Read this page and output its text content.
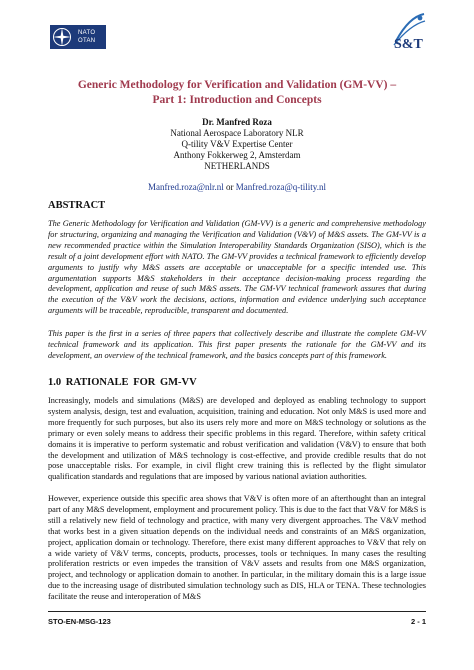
NATO
OTAN	S&T
Generic Methodology for Verification and Validation (GM-VV) –
Part 1: Introduction and Concepts
Dr. Manfred Roza
National Aerospace Laboratory NLR
Q-tility V&V Expertise Center
Anthony Fokkerweg 2, Amsterdam
NETHERLANDS
Manfred.roza@nlr.nl or Manfred.roza@q-tility.nl
ABSTRACT

The Generic Methodology for Verification and Validation (GM-VV) is a generic and comprehensive methodology for structuring, organizing and managing the Verification and Validation (V&V) of M&S assets. The GM-VV is a new recommended practice within the Simulation Interoperability Standards Organization (SISO), which is the result of a joint development effort with NATO. The GM-VV provides a technical framework to efficiently develop arguments to justify why M&S assets are acceptable or unacceptable for a specific intended use. This argumentation supports M&S stakeholders in their acceptance decision-making process regarding the development, application and reuse of such M&S assets. The GM-VV technical framework assures that during the execution of the V&V work the decisions, actions, information and evidence underlying such acceptance arguments will be traceable, reproducible, transparent and documented.

This paper is the first in a series of three papers that collectively describe and illustrate the complete GM-VV technical framework and its application. This first paper presents the rationale for the GM-VV and its development, an overview of the technical framework, and the basics concepts part of this framework.

1.0 RATIONALE FOR GM-VV

Increasingly, models and simulations (M&S) are developed and deployed as enabling technology to support system analysis, design, test and evaluation, acquisition, training and education. Not only M&S is used more and more frequently for such purposes, but also its users rely more and more on M&S technology or solutions as the primary or even solely means to address their specific problems in this regard. Therefore, within safety critical domains it is imperative to perform systematic and robust verification and validation (V&V) to ensure that both the development and utilization of M&S technology is cost-effective, and provide credible results that do not pose unacceptable risks. For example, in civil flight crew training this is reflected by the flight simulator qualification standards and regulations that are imposed by various national aviation authorities.

However, experience outside this specific area shows that V&V is often more of an afterthought than an integral part of any M&S development, employment and procurement policy. This is due to the fact that V&V for M&S is still a relatively new field of technology and practice, with many very divergent approaches. The V&V method that works best in a given situation depends on the individual needs and constraints of an M&S organization, project, application domain or technology. Therefore, there exist many different approaches to V&V that rely on a wide variety of V&V terms, concepts, products, processes, tools or techniques. In many cases the resulting proliferation restricts or even impedes the transition of V&V assets and results from one M&S organization, project, and technology or application domain to another. In particular, in the military domain this is a large issue due to the increasing usage of distributed simulation technology such as DIS, HLA or TENA. These technologies facilitate the reuse and interoperation of M&S

STO-EN-MSG-123	2 - 1
